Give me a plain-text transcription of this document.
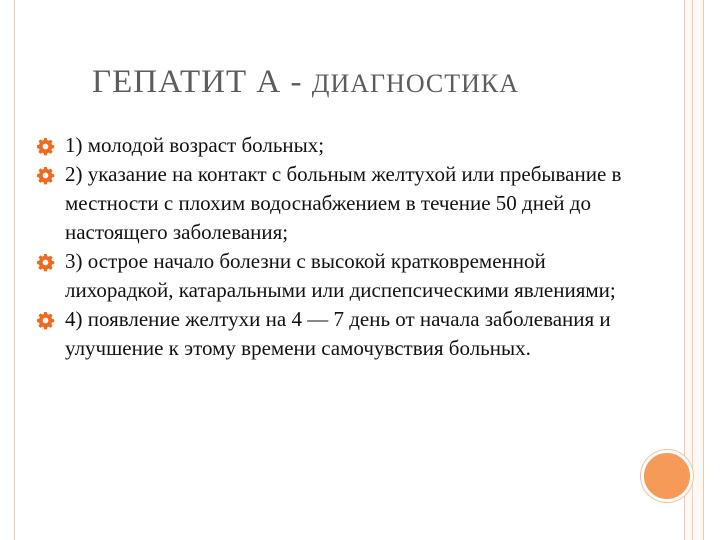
ГЕПАТИТ А - ДИАГНОСТИКА
1) молодой возраст больных;
2) указание на контакт с больным желтухой или пребывание в местности с плохим водоснабжением в течение 50 дней до настоящего заболевания;
3) острое начало болезни с высокой кратковременной лихорадкой, катаральными или диспепсическими явлениями;
4) появление желтухи на 4 — 7 день от начала заболевания и улучшение к этому времени самочувствия больных.
